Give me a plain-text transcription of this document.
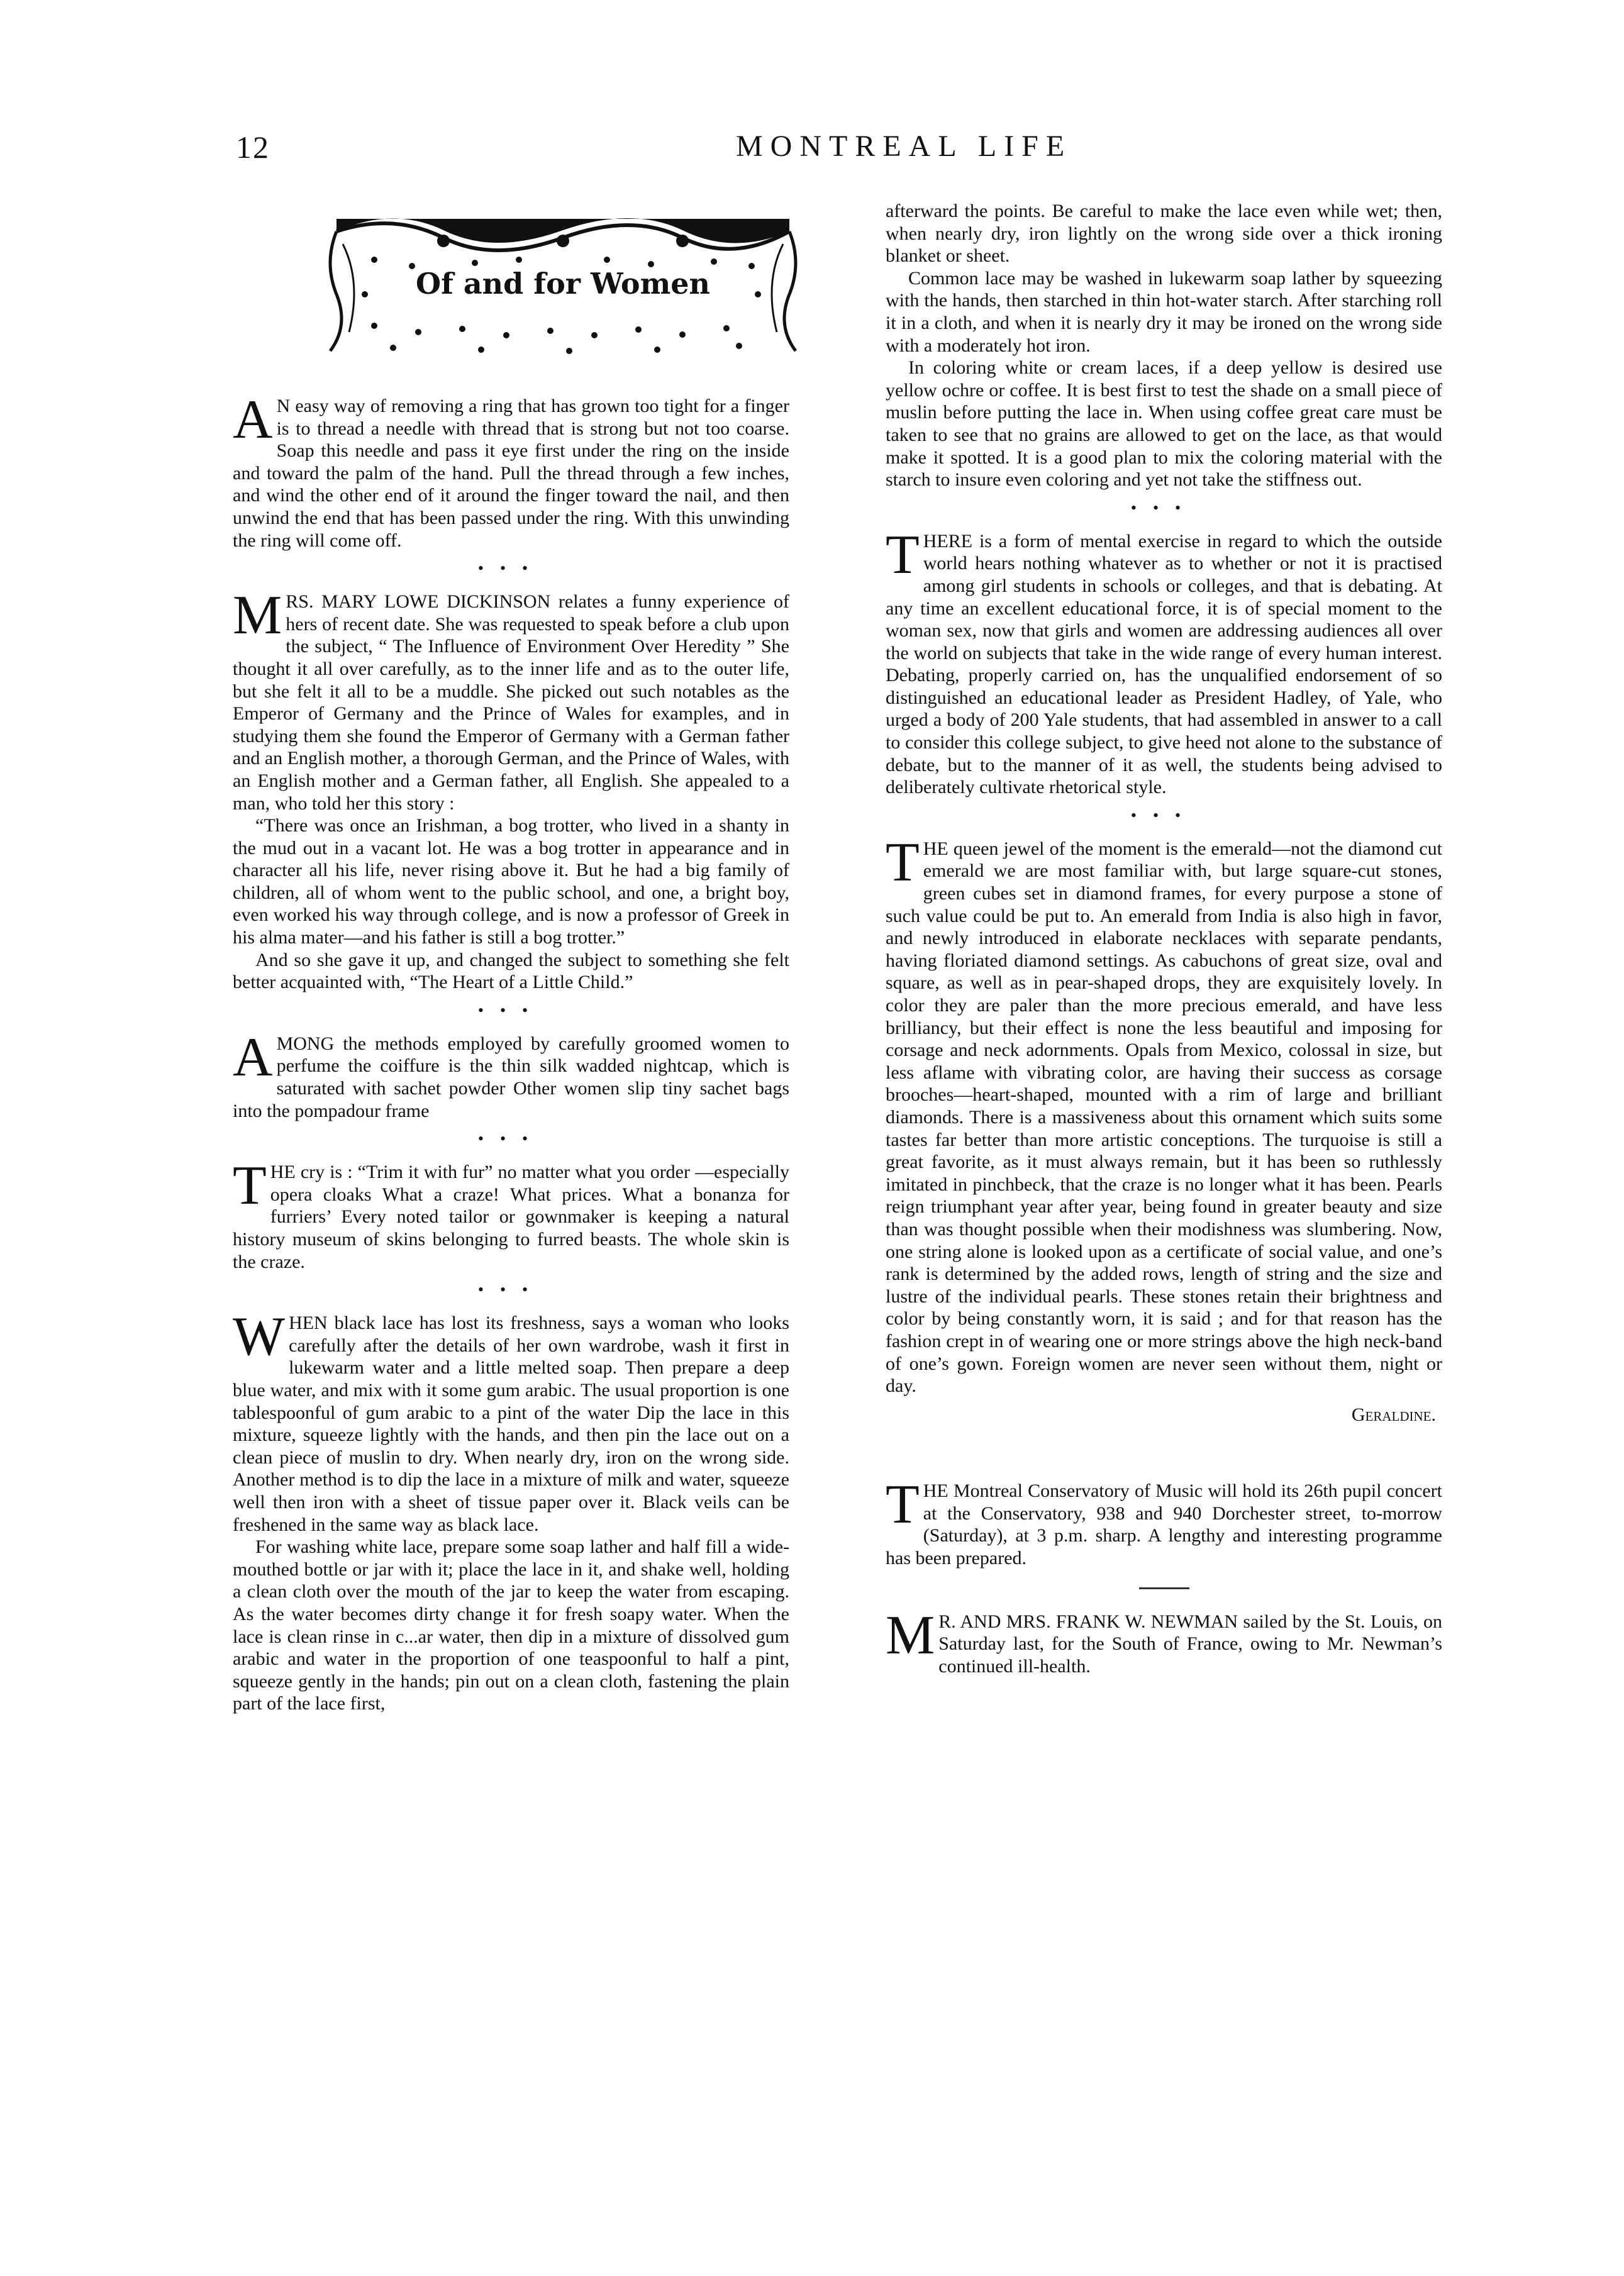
12	MONTREAL LIFE
Of and for Women

A N easy way of removing a ring that has grown too tight for a finger is to thread a needle with thread that is strong but not too coarse. Soap this needle and pass it eye first under the ring on the inside and toward the palm of the hand. Pull the thread through a few inches, and wind the other end of it around the finger toward the nail, and then unwind the end that has been passed under the ring. With this unwinding the ring will come off.

•••

MRS. MARY LOWE DICKINSON relates a funny experience of hers of recent date. She was requested to speak before a club upon the subject, “ The Influence of Environment Over Heredity ” She thought it all over carefully, as to the inner life and as to the outer life, but she felt it all to be a muddle. She picked out such notables as the Emperor of Germany and the Prince of Wales for examples, and in studying them she found the Emperor of Germany with a German father and an English mother, a thorough German, and the Prince of Wales, with an English mother and a German father, all English. She appealed to a man, who told her this story :

“There was once an Irishman, a bog trotter, who lived in a shanty in the mud out in a vacant lot. He was a bog trotter in appearance and in character all his life, never rising above it. But he had a big family of children, all of whom went to the public school, and one, a bright boy, even worked his way through college, and is now a professor of Greek in his alma mater—and his father is still a bog trotter.”

And so she gave it up, and changed the subject to something she felt better acquainted with, “The Heart of a Little Child.”

•••

AMONG the methods employed by carefully groomed women to perfume the coiffure is the thin silk wadded nightcap, which is saturated with sachet powder Other women slip tiny sachet bags into the pompadour frame

•••

THE cry is : “Trim it with fur” no matter what you order —especially opera cloaks What a craze! What prices. What a bonanza for furriers’ Every noted tailor or gownmaker is keeping a natural history museum of skins belonging to furred beasts. The whole skin is the craze.

•••

WHEN black lace has lost its freshness, says a woman who looks carefully after the details of her own wardrobe, wash it first in lukewarm water and a little melted soap. Then prepare a deep blue water, and mix with it some gum arabic. The usual proportion is one tablespoonful of gum arabic to a pint of the water Dip the lace in this mixture, squeeze lightly with the hands, and then pin the lace out on a clean piece of muslin to dry. When nearly dry, iron on the wrong side. Another method is to dip the lace in a mixture of milk and water, squeeze well then iron with a sheet of tissue paper over it. Black veils can be freshened in the same way as black lace.

For washing white lace, prepare some soap lather and half fill a wide-mouthed bottle or jar with it; place the lace in it, and shake well, holding a clean cloth over the mouth of the jar to keep the water from escaping. As the water becomes dirty change it for fresh soapy water. When the lace is clean rinse in c...ar water, then dip in a mixture of dissolved gum arabic and water in the proportion of one teaspoonful to half a pint, squeeze gently in the hands; pin out on a clean cloth, fastening the plain part of the lace first,

afterward the points. Be careful to make the lace even while wet; then, when nearly dry, iron lightly on the wrong side over a thick ironing blanket or sheet.

Common lace may be washed in lukewarm soap lather by squeezing with the hands, then starched in thin hot-water starch. After starching roll it in a cloth, and when it is nearly dry it may be ironed on the wrong side with a moderately hot iron.

In coloring white or cream laces, if a deep yellow is desired use yellow ochre or coffee. It is best first to test the shade on a small piece of muslin before putting the lace in. When using coffee great care must be taken to see that no grains are allowed to get on the lace, as that would make it spotted. It is a good plan to mix the coloring material with the starch to insure even coloring and yet not take the stiffness out.

•••

THERE is a form of mental exercise in regard to which the outside world hears nothing whatever as to whether or not it is practised among girl students in schools or colleges, and that is debating. At any time an excellent educational force, it is of special moment to the woman sex, now that girls and women are addressing audiences all over the world on subjects that take in the wide range of every human interest. Debating, properly carried on, has the unqualified endorsement of so distinguished an educational leader as President Hadley, of Yale, who urged a body of 200 Yale students, that had assembled in answer to a call to consider this college subject, to give heed not alone to the substance of debate, but to the manner of it as well, the students being advised to deliberately cultivate rhetorical style.

•••

THE queen jewel of the moment is the emerald—not the diamond cut emerald we are most familiar with, but large square-cut stones, green cubes set in diamond frames, for every purpose a stone of such value could be put to. An emerald from India is also high in favor, and newly introduced in elaborate necklaces with separate pendants, having floriated diamond settings. As cabuchons of great size, oval and square, as well as in pear-shaped drops, they are exquisitely lovely. In color they are paler than the more precious emerald, and have less brilliancy, but their effect is none the less beautiful and imposing for corsage and neck adornments. Opals from Mexico, colossal in size, but less aflame with vibrating color, are having their success as corsage brooches—heart-shaped, mounted with a rim of large and brilliant diamonds. There is a massiveness about this ornament which suits some tastes far better than more artistic conceptions. The turquoise is still a great favorite, as it must always remain, but it has been so ruthlessly imitated in pinchbeck, that the craze is no longer what it has been. Pearls reign triumphant year after year, being found in greater beauty and size than was thought possible when their modishness was slumbering. Now, one string alone is looked upon as a certificate of social value, and one’s rank is determined by the added rows, length of string and the size and lustre of the individual pearls. These stones retain their brightness and color by being constantly worn, it is said ; and for that reason has the fashion crept in of wearing one or more strings above the high neck-band of one’s gown. Foreign women are never seen without them, night or day.

Geraldine.

THE Montreal Conservatory of Music will hold its 26th pupil concert at the Conservatory, 938 and 940 Dorchester street, to-morrow (Saturday), at 3 p.m. sharp. A lengthy and interesting programme has been prepared.

M R. AND MRS. FRANK W. NEWMAN sailed by the St. Louis, on Saturday last, for the South of France, owing to Mr. Newman’s continued ill-health.
